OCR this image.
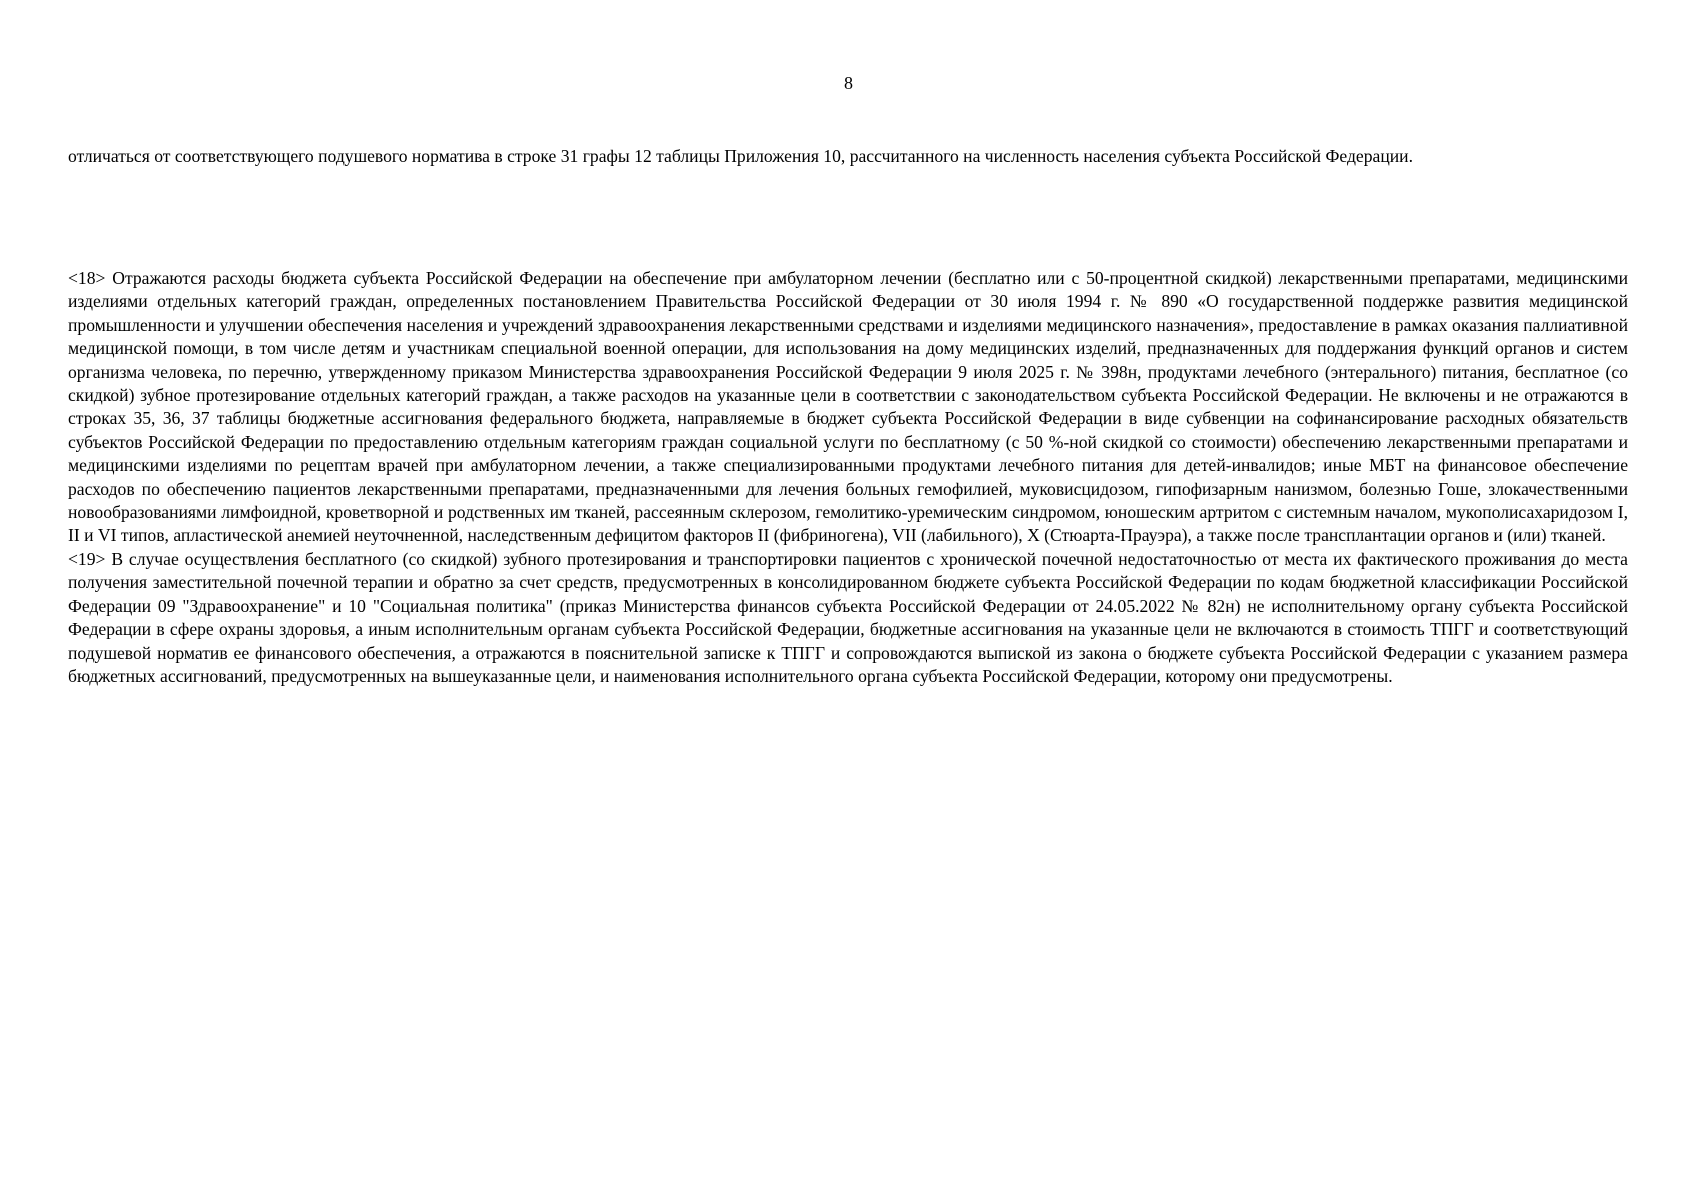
8
отличаться от соответствующего подушевого норматива в строке 31 графы 12 таблицы Приложения 10, рассчитанного на численность населения субъекта Российской Федерации.

<18> Отражаются расходы бюджета субъекта Российской Федерации на обеспечение при амбулаторном лечении (бесплатно или с 50-процентной скидкой) лекарственными препаратами, медицинскими изделиями отдельных категорий граждан, определенных постановлением Правительства Российской Федерации от 30 июля 1994 г. № 890 «О государственной поддержке развития медицинской промышленности и улучшении обеспечения населения и учреждений здравоохранения лекарственными средствами и изделиями медицинского назначения», предоставление в рамках оказания паллиативной медицинской помощи, в том числе детям и участникам специальной военной операции, для использования на дому медицинских изделий, предназначенных для поддержания функций органов и систем организма человека, по перечню, утвержденному приказом Министерства здравоохранения Российской Федерации 9 июля 2025 г. № 398н, продуктами лечебного (энтерального) питания, бесплатное (со скидкой) зубное протезирование отдельных категорий граждан, а также расходов на указанные цели в соответствии с законодательством субъекта Российской Федерации. Не включены и не отражаются в строках 35, 36, 37 таблицы бюджетные ассигнования федерального бюджета, направляемые в бюджет субъекта Российской Федерации в виде субвенции на софинансирование расходных обязательств субъектов Российской Федерации по предоставлению отдельным категориям граждан социальной услуги по бесплатному (с 50 %-ной скидкой со стоимости) обеспечению лекарственными препаратами и медицинскими изделиями по рецептам врачей при амбулаторном лечении, а также специализированными продуктами лечебного питания для детей-инвалидов; иные МБТ на финансовое обеспечение расходов по обеспечению пациентов лекарственными препаратами, предназначенными для лечения больных гемофилией, муковисцидозом, гипофизарным нанизмом, болезнью Гоше, злокачественными новообразованиями лимфоидной, кроветворной и родственных им тканей, рассеянным склерозом, гемолитико-уремическим синдромом, юношеским артритом с системным началом, мукополисахаридозом I, II и VI типов, апластической анемией неуточненной, наследственным дефицитом факторов II (фибриногена), VII (лабильного), X (Стюарта-Прауэра), а также после трансплантации органов и (или) тканей.

<19> В случае осуществления бесплатного (со скидкой) зубного протезирования и транспортировки пациентов с хронической почечной недостаточностью от места их фактического проживания до места получения заместительной почечной терапии и обратно за счет средств, предусмотренных в консолидированном бюджете субъекта Российской Федерации по кодам бюджетной классификации Российской Федерации 09 "Здравоохранение" и 10 "Социальная политика" (приказ Министерства финансов субъекта Российской Федерации от 24.05.2022 № 82н) не исполнительному органу субъекта Российской Федерации в сфере охраны здоровья, а иным исполнительным органам субъекта Российской Федерации, бюджетные ассигнования на указанные цели не включаются в стоимость ТПГГ и соответствующий подушевой норматив ее финансового обеспечения, а отражаются в пояснительной записке к ТПГГ и сопровождаются выпиской из закона о бюджете субъекта Российской Федерации с указанием размера бюджетных ассигнований, предусмотренных на вышеуказанные цели, и наименования исполнительного органа субъекта Российской Федерации, которому они предусмотрены.
